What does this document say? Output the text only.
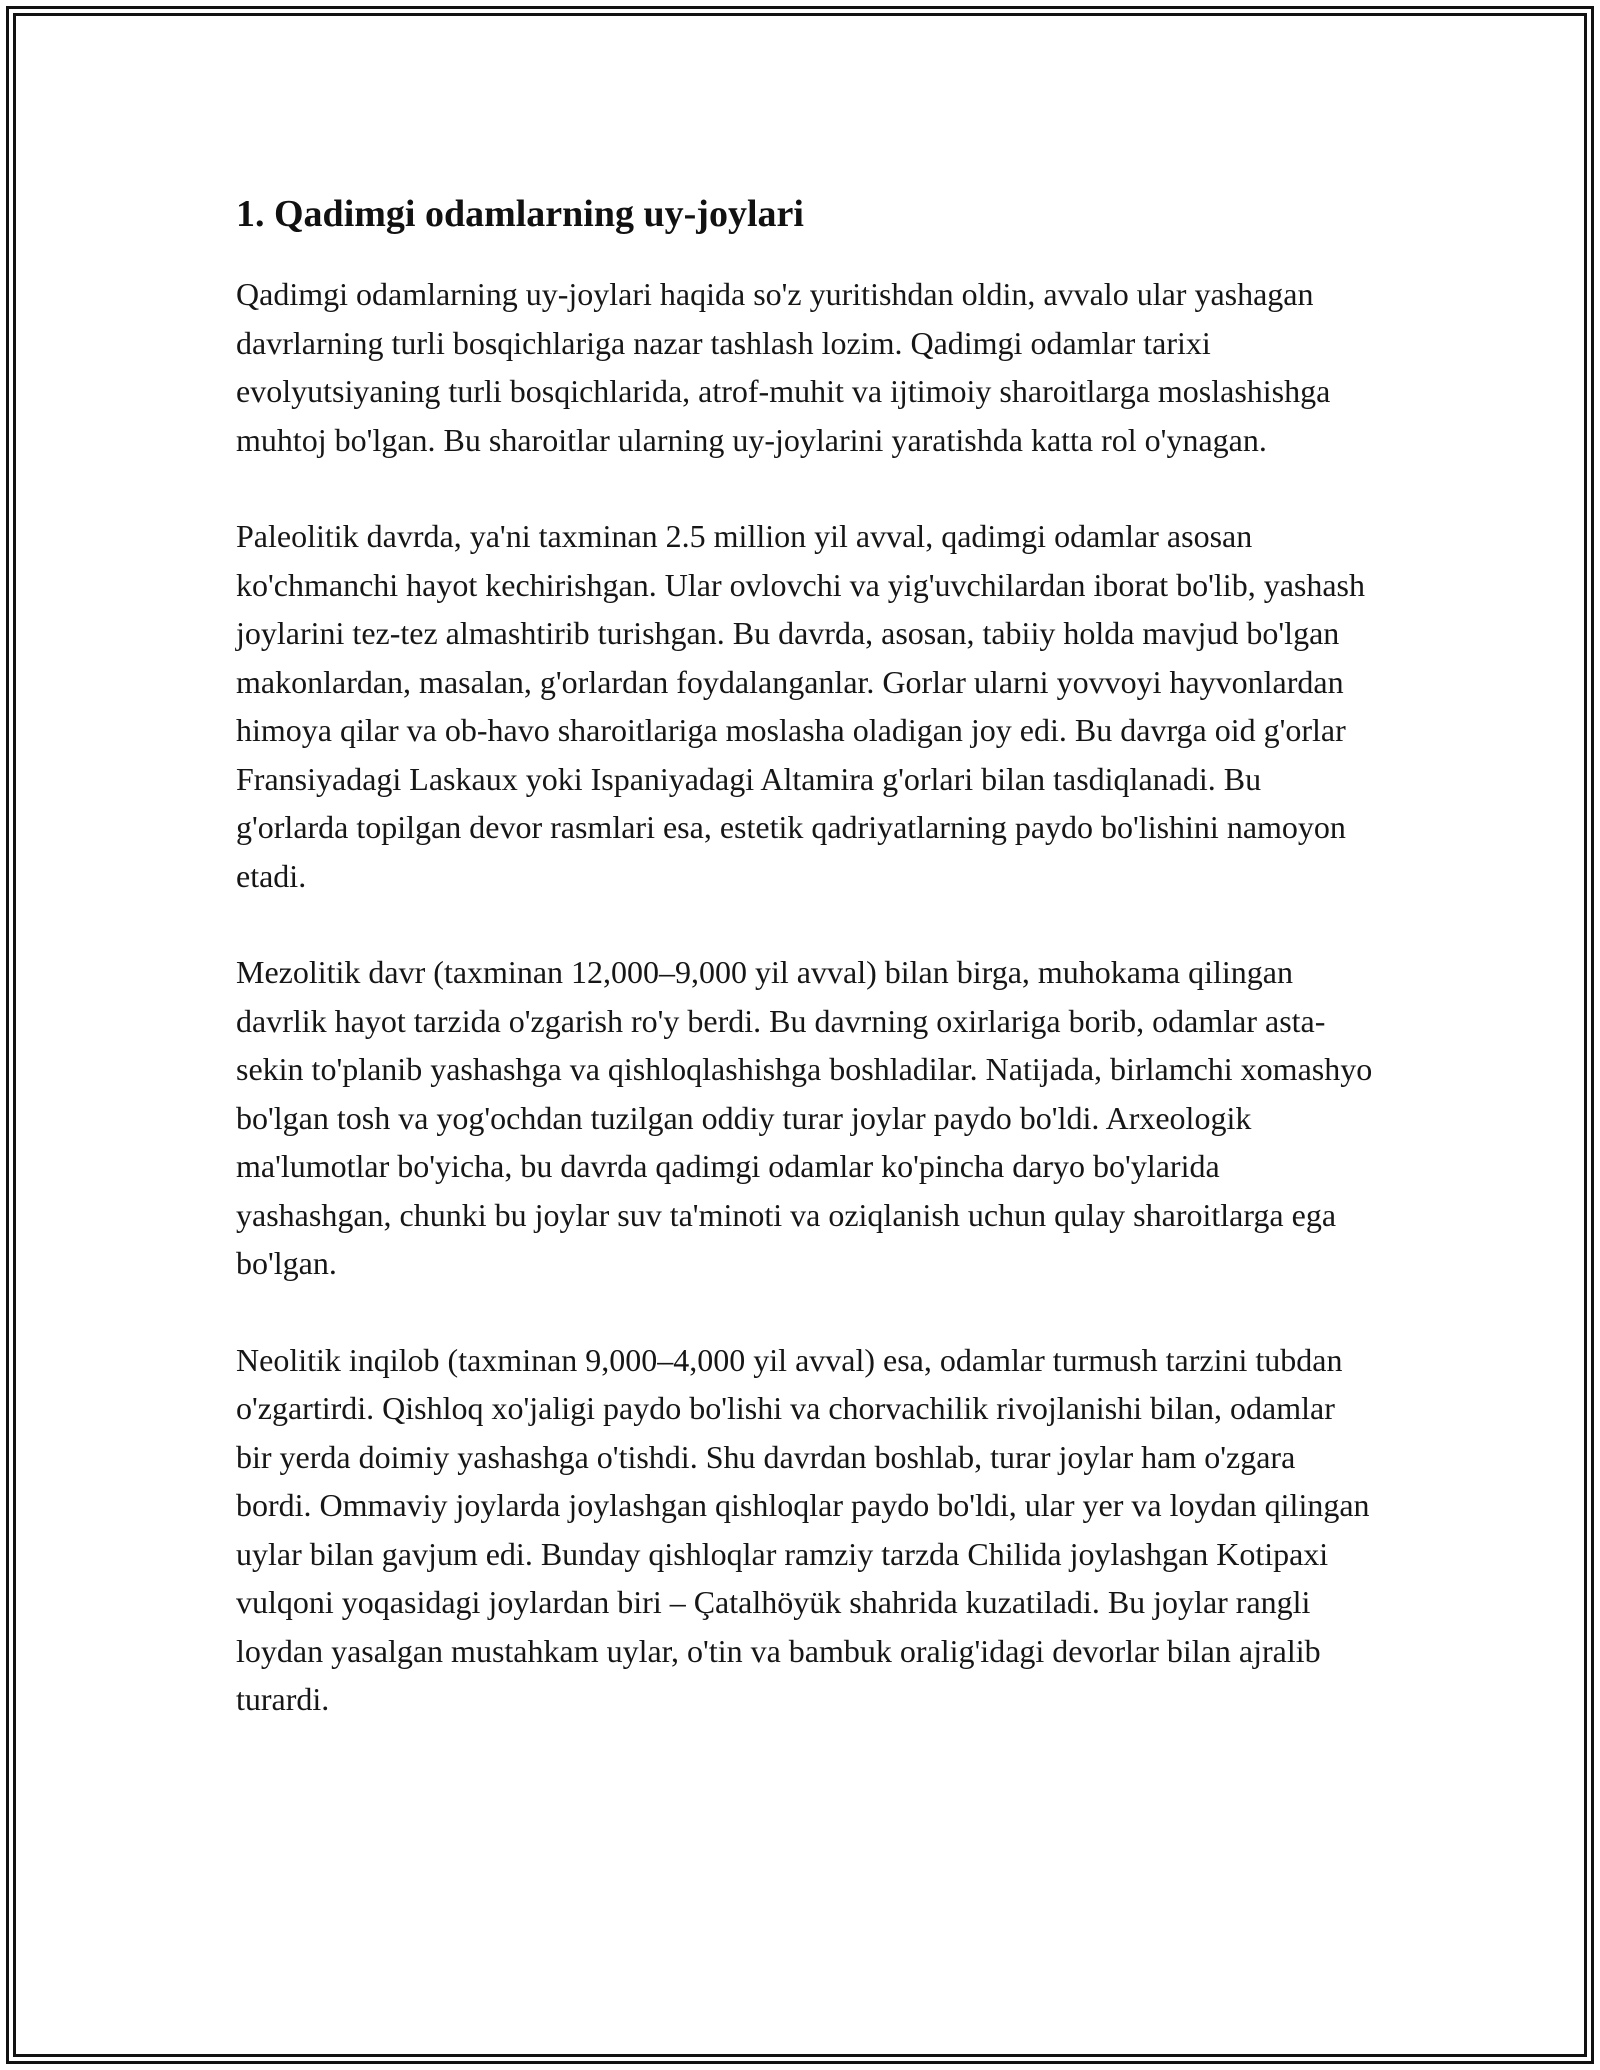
1. Qadimgi odamlarning uy-joylari

Qadimgi odamlarning uy-joylari haqida so'z yuritishdan oldin, avvalo ular yashagan davrlarning turli bosqichlariga nazar tashlash lozim. Qadimgi odamlar tarixi evolyutsiyaning turli bosqichlarida, atrof-muhit va ijtimoiy sharoitlarga moslashishga muhtoj bo'lgan. Bu sharoitlar ularning uy-joylarini yaratishda katta rol o'ynagan.

Paleolitik davrda, ya'ni taxminan 2.5 million yil avval, qadimgi odamlar asosan ko'chmanchi hayot kechirishgan. Ular ovlovchi va yig'uvchilardan iborat bo'lib, yashash joylarini tez-tez almashtirib turishgan. Bu davrda, asosan, tabiiy holda mavjud bo'lgan makonlardan, masalan, g'orlardan foydalanganlar. Gorlar ularni yovvoyi hayvonlardan himoya qilar va ob-havo sharoitlariga moslasha oladigan joy edi. Bu davrga oid g'orlar Fransiyadagi Laskaux yoki Ispaniyadagi Altamira g'orlari bilan tasdiqlanadi. Bu g'orlarda topilgan devor rasmlari esa, estetik qadriyatlarning paydo bo'lishini namoyon etadi.

Mezolitik davr (taxminan 12,000–9,000 yil avval) bilan birga, muhokama qilingan davrlik hayot tarzida o'zgarish ro'y berdi. Bu davrning oxirlariga borib, odamlar asta-sekin to'planib yashashga va qishloqlashishga boshladilar. Natijada, birlamchi xomashyo bo'lgan tosh va yog'ochdan tuzilgan oddiy turar joylar paydo bo'ldi. Arxeologik ma'lumotlar bo'yicha, bu davrda qadimgi odamlar ko'pincha daryo bo'ylarida yashashgan, chunki bu joylar suv ta'minoti va oziqlanish uchun qulay sharoitlarga ega bo'lgan.

Neolitik inqilob (taxminan 9,000–4,000 yil avval) esa, odamlar turmush tarzini tubdan o'zgartirdi. Qishloq xo'jaligi paydo bo'lishi va chorvachilik rivojlanishi bilan, odamlar bir yerda doimiy yashashga o'tishdi. Shu davrdan boshlab, turar joylar ham o'zgara bordi. Ommaviy joylarda joylashgan qishloqlar paydo bo'ldi, ular yer va loydan qilingan uylar bilan gavjum edi. Bunday qishloqlar ramziy tarzda Chilida joylashgan Kotipaxi vulqoni yoqasidagi joylardan biri – Çatalhöyük shahrida kuzatiladi. Bu joylar rangli loydan yasalgan mustahkam uylar, o'tin va bambuk oralig'idagi devorlar bilan ajralib turardi.
